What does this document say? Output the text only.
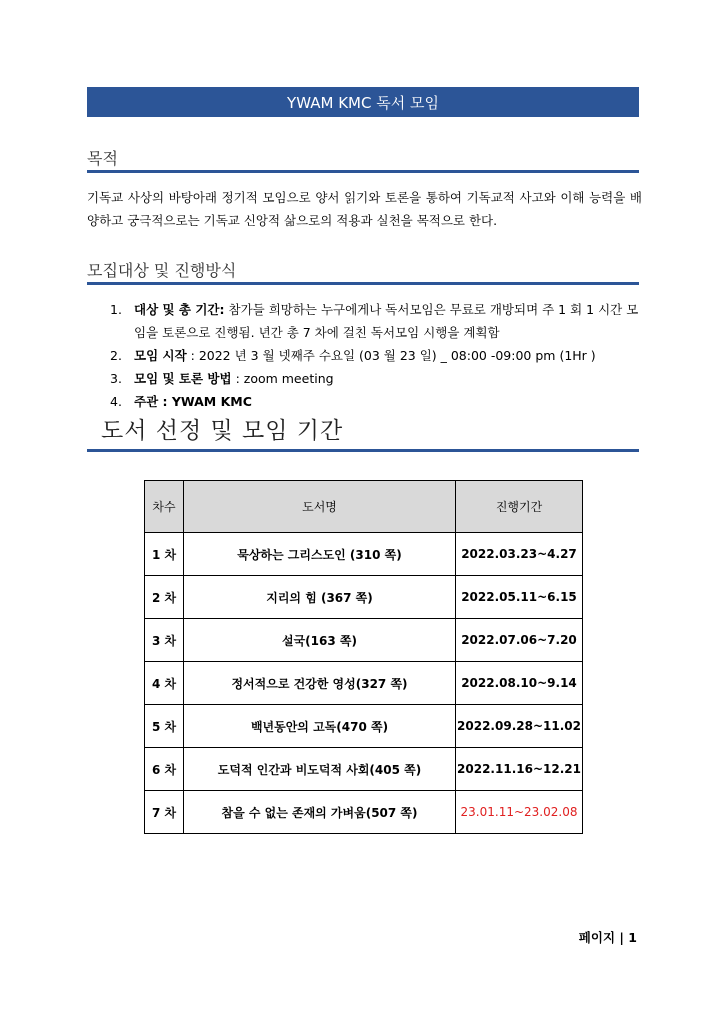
YWAM KMC 독서 모임
목적
기독교 사상의 바탕아래 정기적 모임으로 양서 읽기와 토론을 통하여 기독교적 사고와 이해 능력을 배양하고 궁극적으로는 기독교 신앙적 삶으로의 적용과 실천을 목적으로 한다.
모집대상 및 진행방식
1. 대상 및 총 기간: 참가들 희망하는 누구에게나 독서모임은 무료로 개방되며 주 1 회 1 시간 모임을 토론으로 진행됨. 년간 총 7 차에 걸친 독서모임 시행을 계획함
2. 모임 시작 : 2022 년 3 월 넷째주 수요일 (03 월 23 일) _ 08:00 -09:00 pm (1Hr )
3. 모임 및 토론 방법 : zoom meeting
4. 주관 : YWAM KMC
도서 선정 및 모임 기간
차수	도서명	진행기간
1 차	묵상하는 그리스도인 (310 쪽)	2022.03.23~4.27
2 차	지리의 힘 (367 쪽)	2022.05.11~6.15
3 차	설국(163 쪽)	2022.07.06~7.20
4 차	정서적으로 건강한 영성(327 쪽)	2022.08.10~9.14
5 차	백년동안의 고독(470 쪽)	2022.09.28~11.02
6 차	도덕적 인간과 비도덕적 사회(405 쪽)	2022.11.16~12.21
7 차	참을 수 없는 존재의 가벼움(507 쪽)	23.01.11~23.02.08
페이지 | 1
